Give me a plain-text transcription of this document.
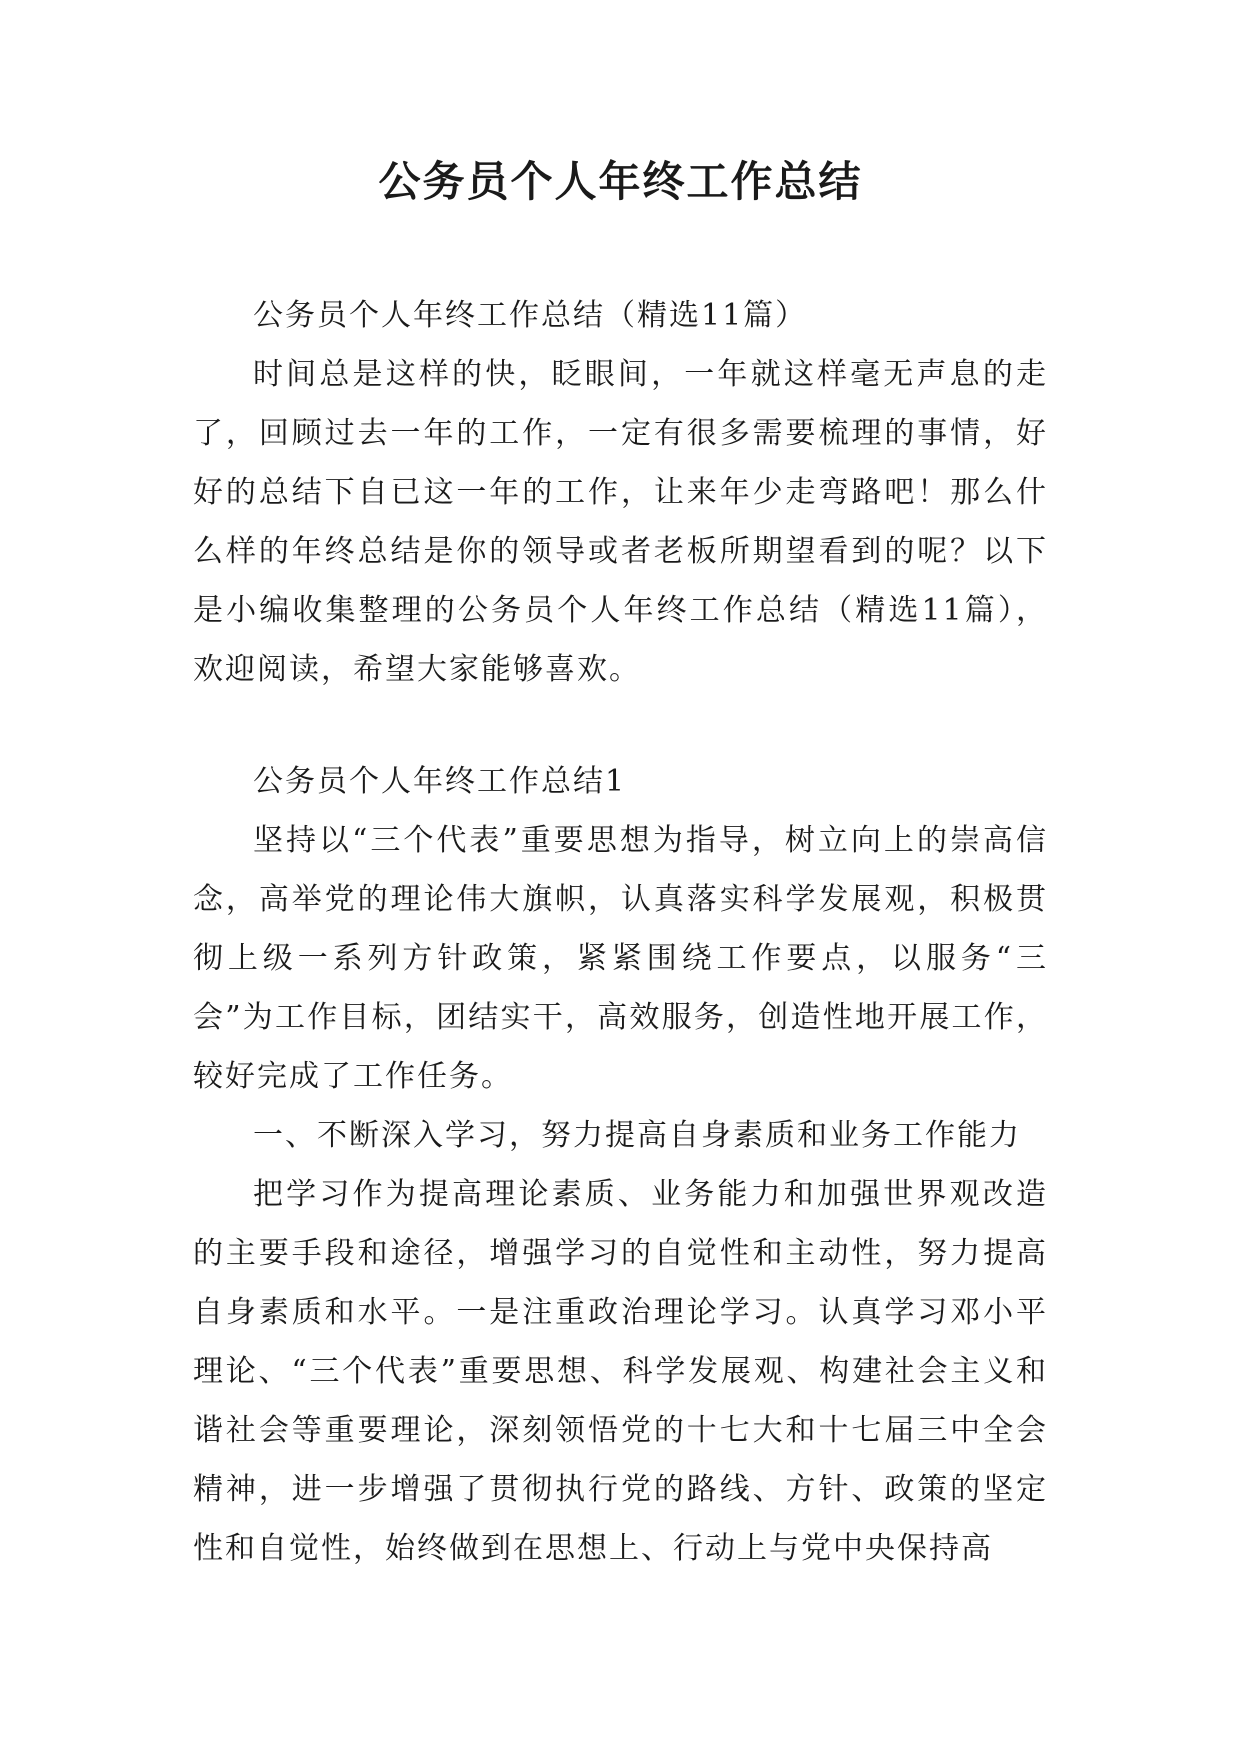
公务员个人年终工作总结

公务员个人年终工作总结（精选11篇）

时间总是这样的快，眨眼间，一年就这样毫无声息的走了，回顾过去一年的工作，一定有很多需要梳理的事情，好好的总结下自已这一年的工作，让来年少走弯路吧！那么什么样的年终总结是你的领导或者老板所期望看到的呢？以下是小编收集整理的公务员个人年终工作总结（精选11篇），欢迎阅读，希望大家能够喜欢。

公务员个人年终工作总结1

坚持以“三个代表”重要思想为指导，树立向上的崇高信念，高举党的理论伟大旗帜，认真落实科学发展观，积极贯彻上级一系列方针政策，紧紧围绕工作要点，以服务“三会”为工作目标，团结实干，高效服务，创造性地开展工作，较好完成了工作任务。

一、不断深入学习，努力提高自身素质和业务工作能力

把学习作为提高理论素质、业务能力和加强世界观改造的主要手段和途径，增强学习的自觉性和主动性，努力提高自身素质和水平。一是注重政治理论学习。认真学习邓小平理论、“三个代表”重要思想、科学发展观、构建社会主义和谐社会等重要理论，深刻领悟党的十七大和十七届三中全会精神，进一步增强了贯彻执行党的路线、方针、政策的坚定性和自觉性，始终做到在思想上、行动上与党中央保持高
